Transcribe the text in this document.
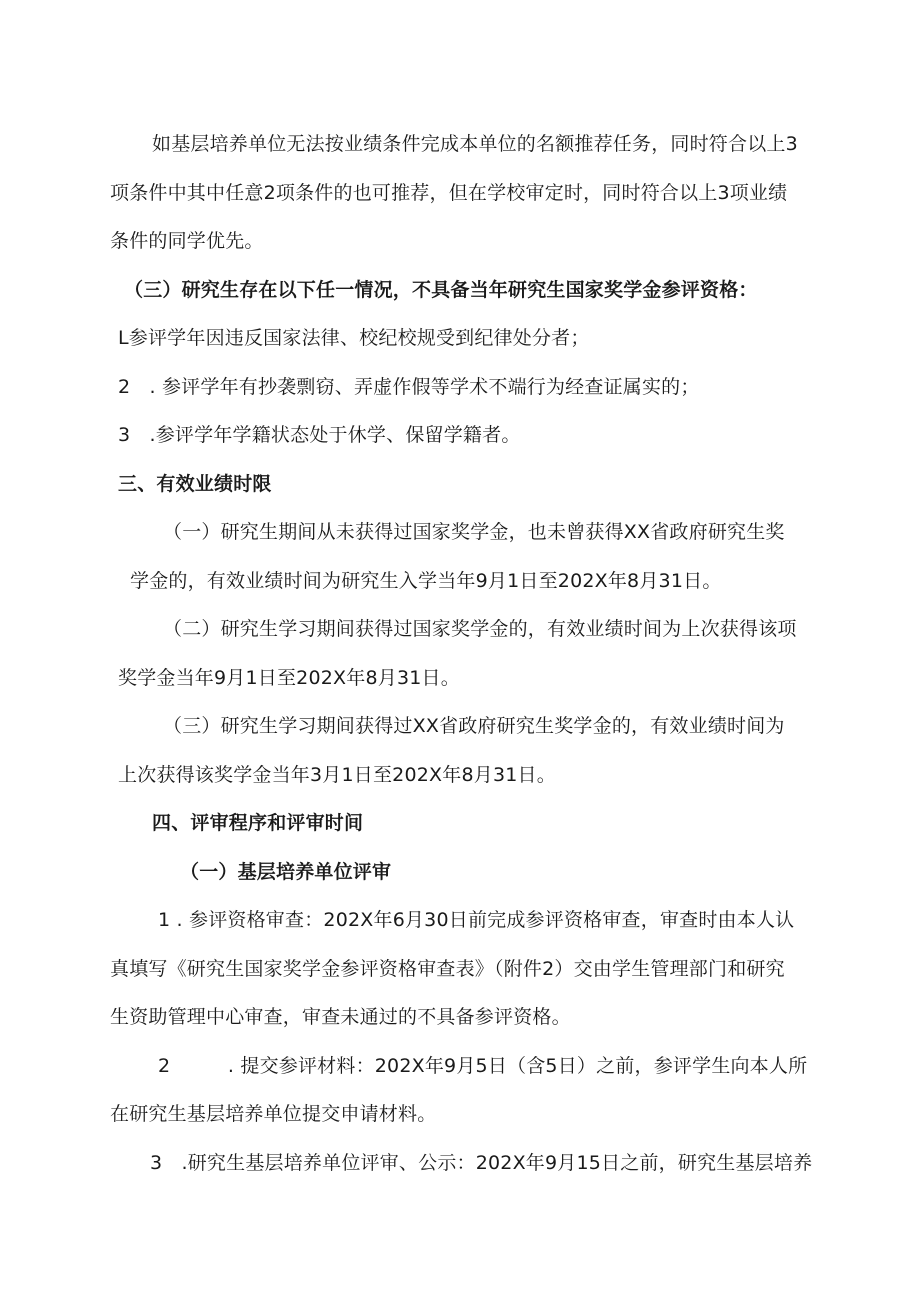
如基层培养单位无法按业绩条件完成本单位的名额推荐任务，同时符合以上3
项条件中其中任意2项条件的也可推荐，但在学校审定时，同时符合以上3项业绩
条件的同学优先。
（三）研究生存在以下任一情况，不具备当年研究生国家奖学金参评资格：
L参评学年因违反国家法律、校纪校规受到纪律处分者；
2　. 参评学年有抄袭剽窃、弄虚作假等学术不端行为经查证属实的；
3　.参评学年学籍状态处于休学、保留学籍者。
三、有效业绩时限
（一）研究生期间从未获得过国家奖学金，也未曾获得XX省政府研究生奖
学金的，有效业绩时间为研究生入学当年9月1日至202X年8月31日。
（二）研究生学习期间获得过国家奖学金的，有效业绩时间为上次获得该项
奖学金当年9月1日至202X年8月31日。
（三）研究生学习期间获得过XX省政府研究生奖学金的，有效业绩时间为
上次获得该奖学金当年3月1日至202X年8月31日。
四、评审程序和评审时间
（一）基层培养单位评审
1 . 参评资格审查：202X年6月30日前完成参评资格审查，审查时由本人认
真填写《研究生国家奖学金参评资格审查表》（附件2）交由学生管理部门和研究
生资助管理中心审查，审查未通过的不具备参评资格。
2　　　. 提交参评材料：202X年9月5日（含5日）之前，参评学生向本人所
在研究生基层培养单位提交申请材料。
3　.研究生基层培养单位评审、公示：202X年9月15日之前，研究生基层培养
